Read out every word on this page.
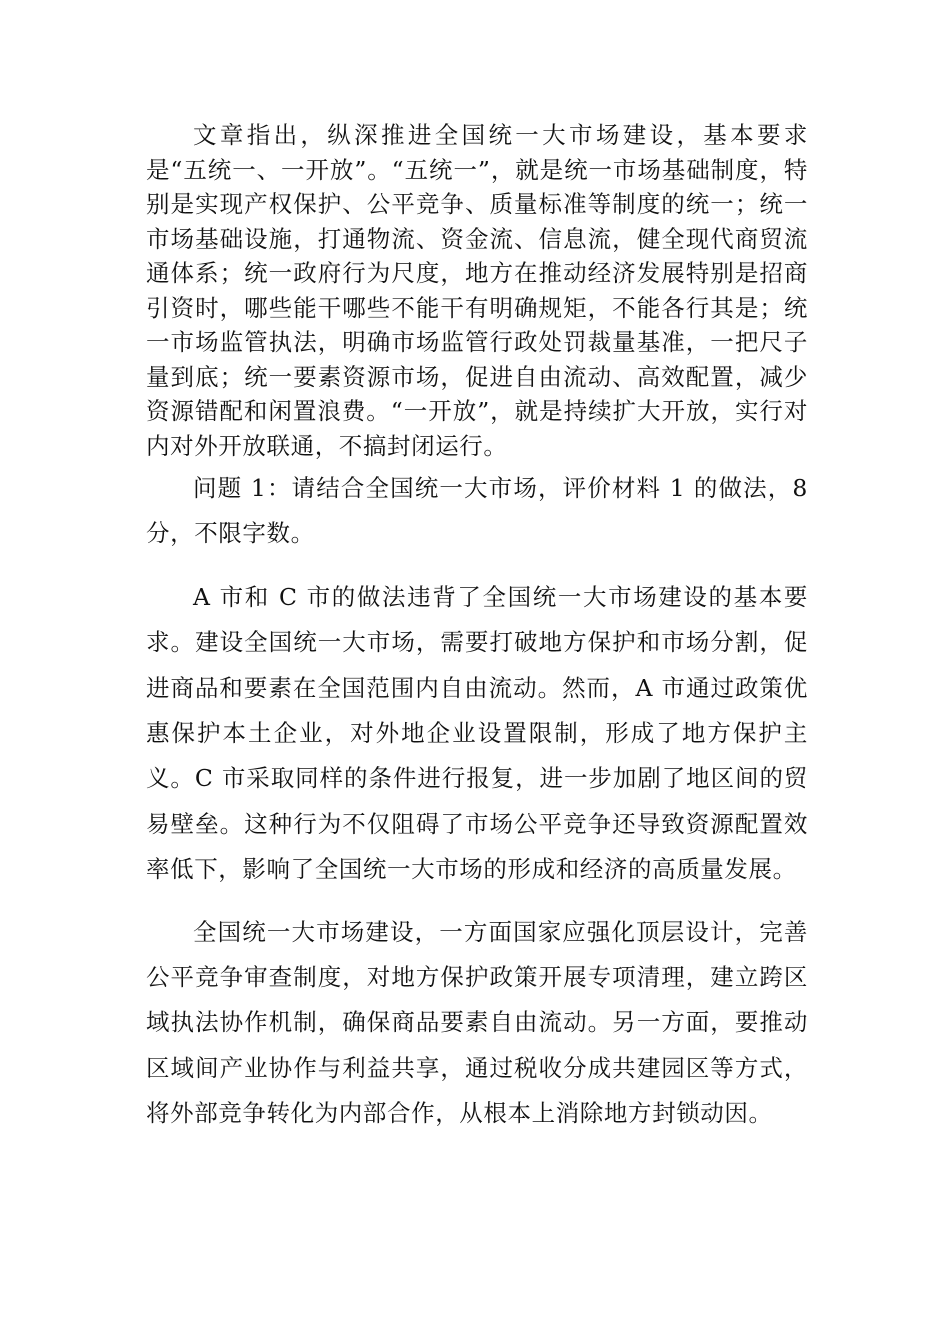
文章指出，纵深推进全国统一大市场建设，基本要求是“五统一、一开放”。“五统一”，就是统一市场基础制度，特别是实现产权保护、公平竞争、质量标准等制度的统一；统一市场基础设施，打通物流、资金流、信息流，健全现代商贸流通体系；统一政府行为尺度，地方在推动经济发展特别是招商引资时，哪些能干哪些不能干有明确规矩，不能各行其是；统一市场监管执法，明确市场监管行政处罚裁量基准，一把尺子量到底；统一要素资源市场，促进自由流动、高效配置，减少资源错配和闲置浪费。“一开放”，就是持续扩大开放，实行对内对外开放联通，不搞封闭运行。

问题 1：请结合全国统一大市场，评价材料 1 的做法，8 分，不限字数。

A 市和 C 市的做法违背了全国统一大市场建设的基本要求。建设全国统一大市场，需要打破地方保护和市场分割，促进商品和要素在全国范围内自由流动。然而，A 市通过政策优惠保护本土企业，对外地企业设置限制，形成了地方保护主义。C 市采取同样的条件进行报复，进一步加剧了地区间的贸易壁垒。这种行为不仅阻碍了市场公平竞争还导致资源配置效率低下，影响了全国统一大市场的形成和经济的高质量发展。

全国统一大市场建设，一方面国家应强化顶层设计，完善公平竞争审查制度，对地方保护政策开展专项清理，建立跨区域执法协作机制，确保商品要素自由流动。另一方面，要推动区域间产业协作与利益共享，通过税收分成共建园区等方式，将外部竞争转化为内部合作，从根本上消除地方封锁动因。
